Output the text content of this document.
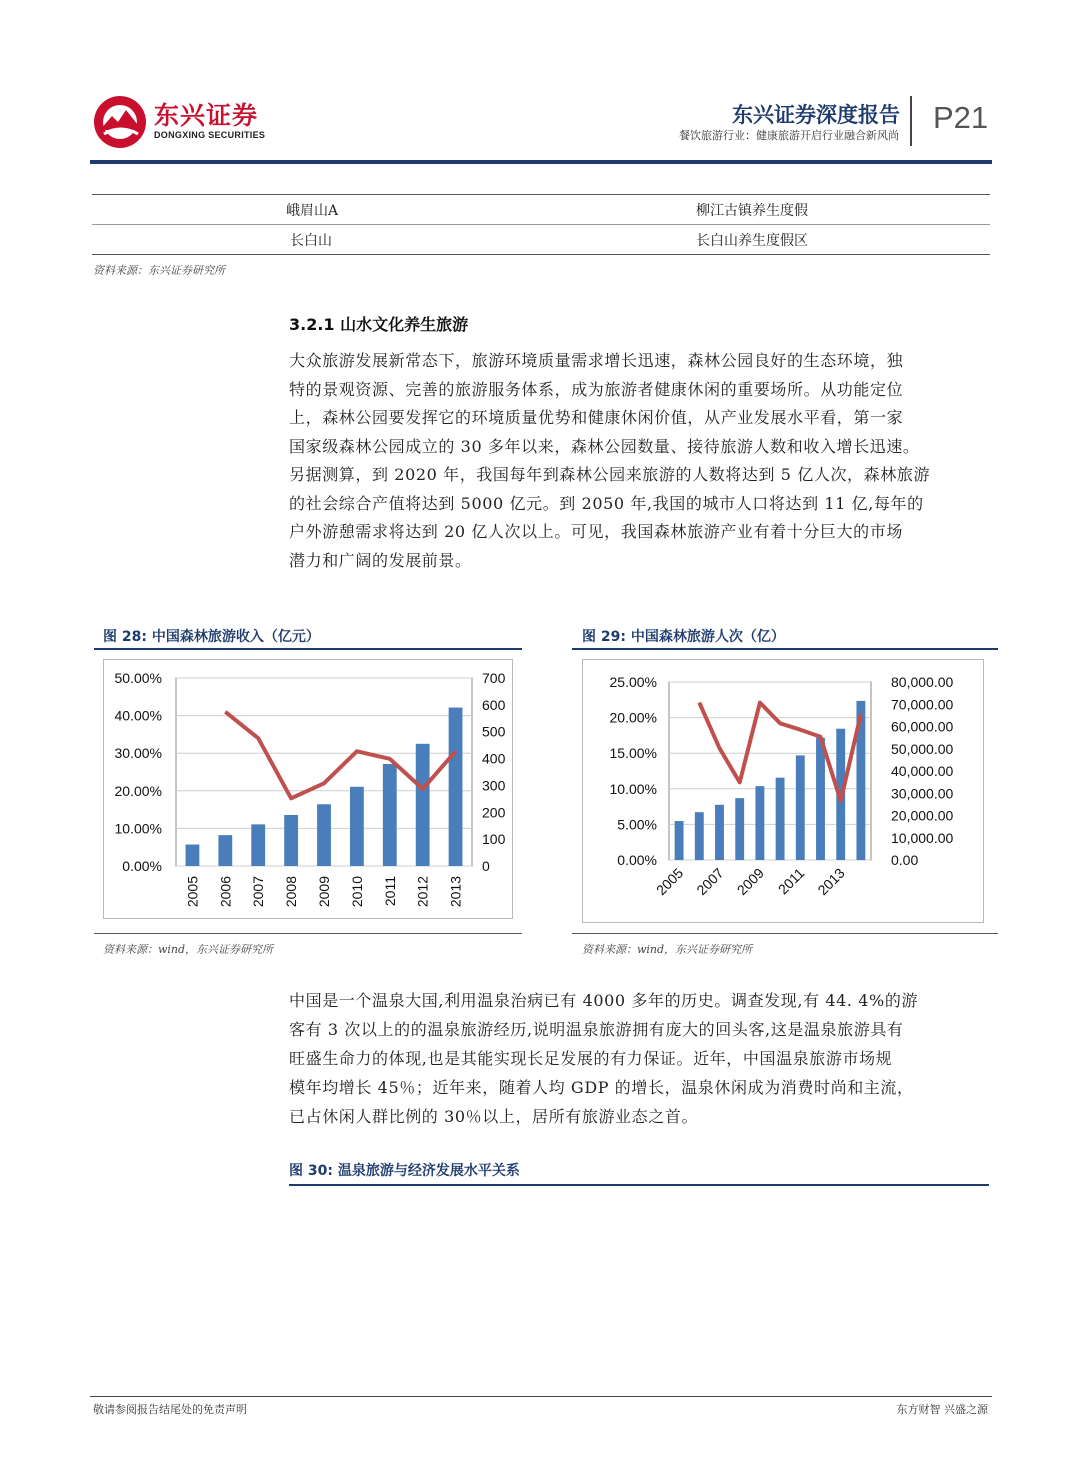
东兴证券
DONGXING SECURITIES
东兴证券深度报告
餐饮旅游行业：健康旅游开启行业融合新风尚
P21
峨眉山A	柳江古镇养生度假
长白山	长白山养生度假区
资料来源：东兴证券研究所
3.2.1 山水文化养生旅游
大众旅游发展新常态下，旅游环境质量需求增长迅速，森林公园良好的生态环境，独
特的景观资源、完善的旅游服务体系，成为旅游者健康休闲的重要场所。从功能定位
上，森林公园要发挥它的环境质量优势和健康休闲价值，从产业发展水平看，第一家
国家级森林公园成立的 30 多年以来，森林公园数量、接待旅游人数和收入增长迅速。
另据测算，到 2020 年，我国每年到森林公园来旅游的人数将达到 5 亿人次，森林旅游
的社会综合产值将达到 5000 亿元。到 2050 年,我国的城市人口将达到 11 亿,每年的
户外游憩需求将达到 20 亿人次以上。可见，我国森林旅游产业有着十分巨大的市场
潜力和广阔的发展前景。
图 28: 中国森林旅游收入（亿元）
50.00%
40.00%
30.00%
20.00%
10.00%
0.00%
700
600
500
400
300
200
100
0
2005 2006 2007 2008 2009 2010 2011 2012 2013
资料来源：wind，东兴证券研究所
图 29: 中国森林旅游人次（亿）
25.00%
20.00%
15.00%
10.00%
5.00%
0.00%
80,000.00
70,000.00
60,000.00
50,000.00
40,000.00
30,000.00
20,000.00
10,000.00
0.00
2005 2007 2009 2011 2013
资料来源：wind，东兴证券研究所
中国是一个温泉大国,利用温泉治病已有 4000 多年的历史。调查发现,有 44. 4%的游
客有 3 次以上的的温泉旅游经历,说明温泉旅游拥有庞大的回头客,这是温泉旅游具有
旺盛生命力的体现,也是其能实现长足发展的有力保证。近年，中国温泉旅游市场规
模年均增长 45％；近年来，随着人均 GDP 的增长，温泉休闲成为消费时尚和主流，
已占休闲人群比例的 30％以上，居所有旅游业态之首。
图 30: 温泉旅游与经济发展水平关系
敬请参阅报告结尾处的免责声明	东方财智 兴盛之源
